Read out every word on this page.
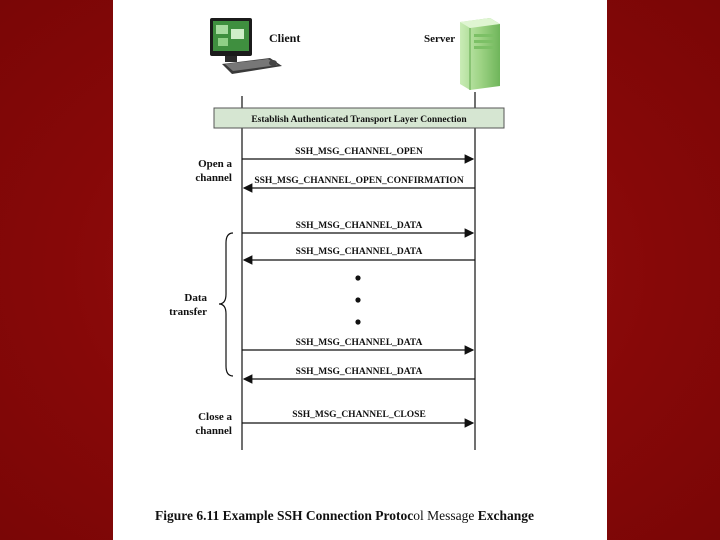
Client	Server
Establish Authenticated Transport Layer Connection
SSH_MSG_CHANNEL_OPEN
SSH_MSG_CHANNEL_OPEN_CONFIRMATION
SSH_MSG_CHANNEL_DATA
SSH_MSG_CHANNEL_DATA
SSH_MSG_CHANNEL_DATA
SSH_MSG_CHANNEL_DATA
SSH_MSG_CHANNEL_CLOSE
Open a
channel
Data
transfer
Close a
channel
Figure 6.11 Example SSH Connection Protocol Message Exchange
